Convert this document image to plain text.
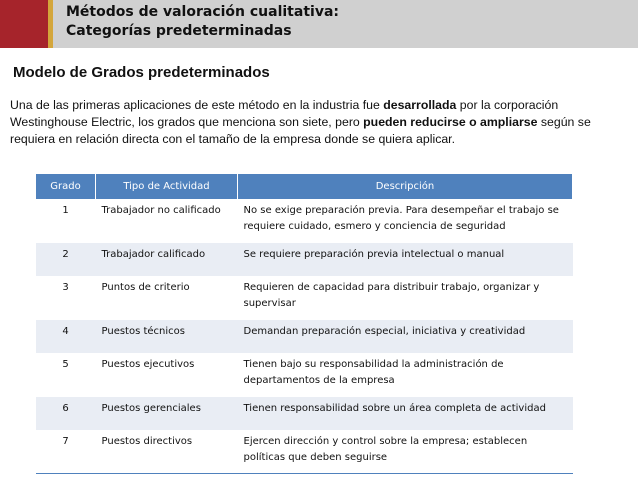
Métodos de valoración cualitativa:
Categorías predeterminadas
Modelo de Grados predeterminados

Una de las primeras aplicaciones de este método en la industria fue desarrollada por la corporación Westinghouse Electric, los grados que menciona son siete, pero pueden reducirse o ampliarse según se requiera en relación directa con el tamaño de la empresa donde se quiera aplicar.

Grado	Tipo de Actividad	Descripción
1	Trabajador no calificado	No se exige preparación previa. Para desempeñar el trabajo se requiere cuidado, esmero y conciencia de seguridad
2	Trabajador calificado	Se requiere preparación previa intelectual o manual
3	Puntos de criterio	Requieren de capacidad para distribuir trabajo, organizar y supervisar
4	Puestos técnicos	Demandan preparación especial, iniciativa y creatividad
5	Puestos ejecutivos	Tienen bajo su responsabilidad la administración de departamentos de la empresa
6	Puestos gerenciales	Tienen responsabilidad sobre un área completa de actividad
7	Puestos directivos	Ejercen dirección y control sobre la empresa; establecen políticas que deben seguirse
